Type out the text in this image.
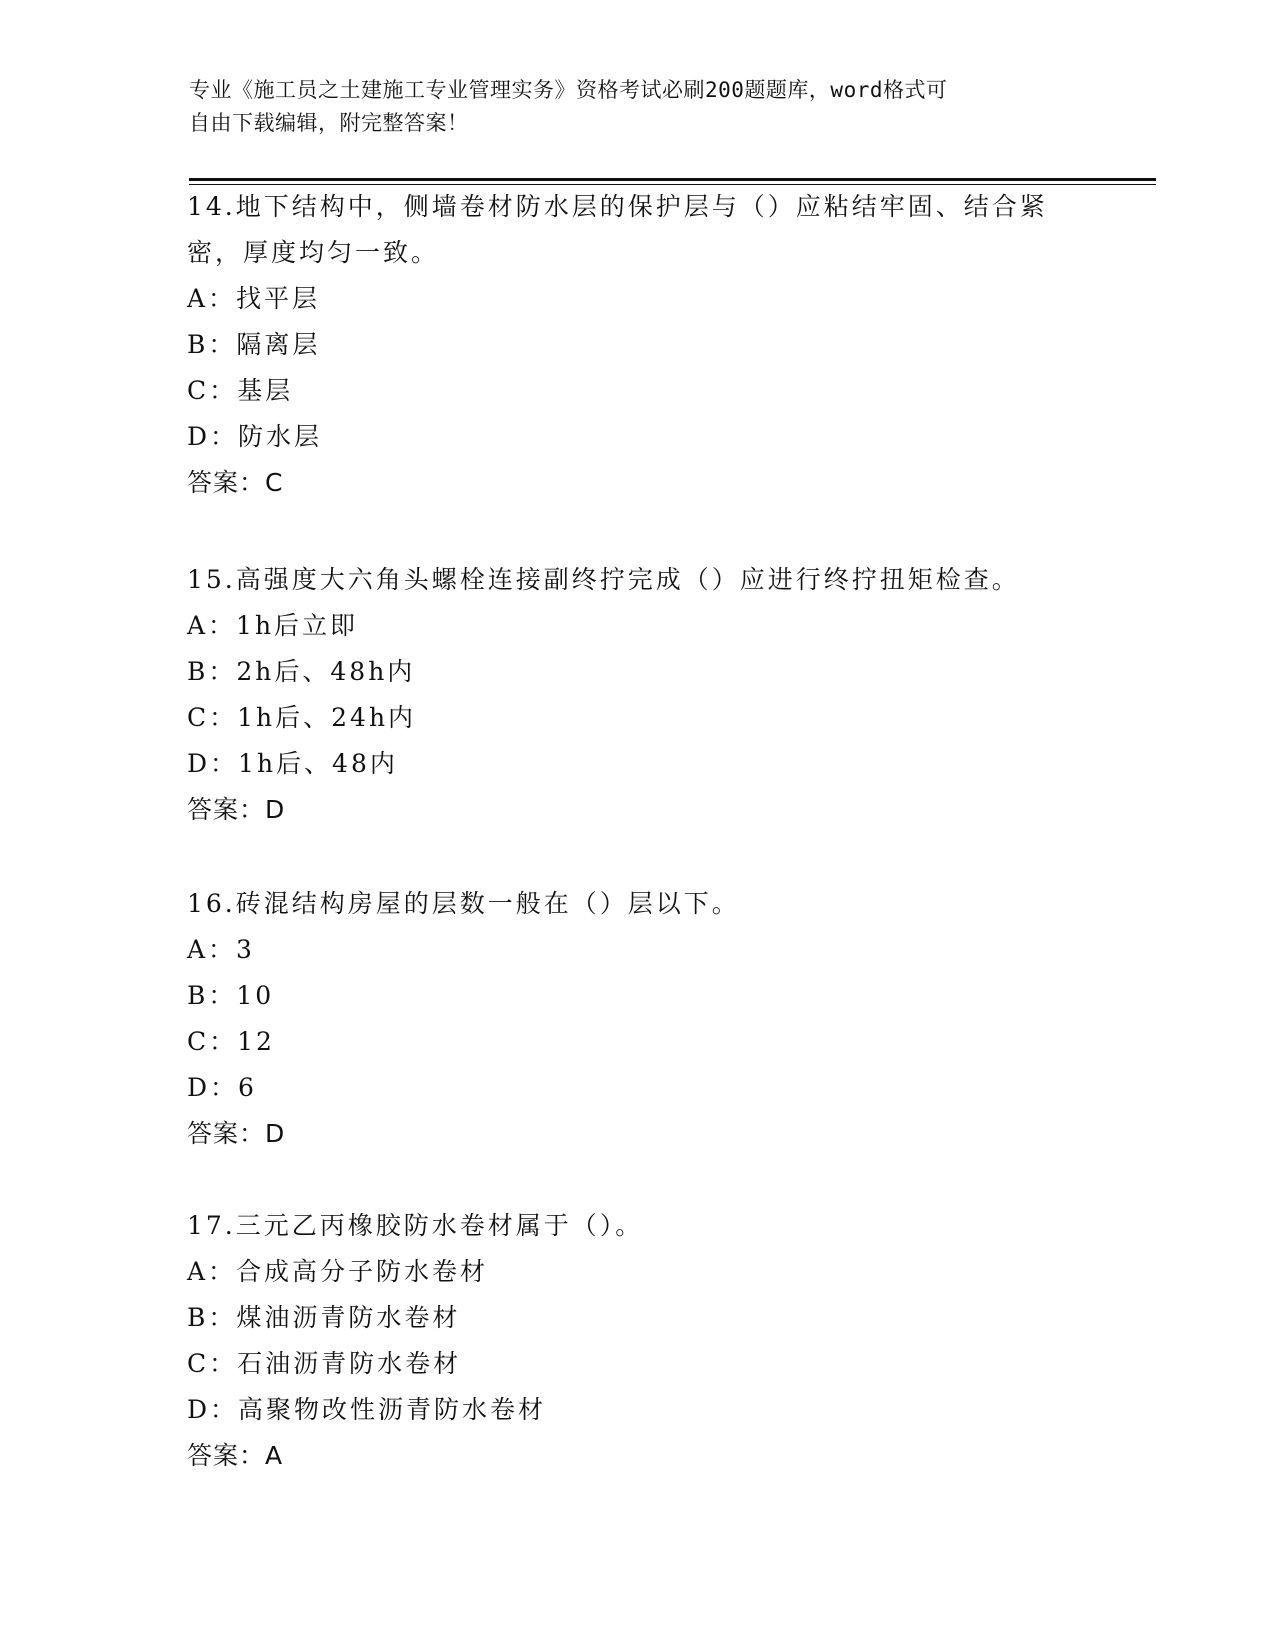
专业《施工员之土建施工专业管理实务》资格考试必刷200题题库，word格式可
自由下载编辑，附完整答案！
14.地下结构中，侧墙卷材防水层的保护层与（）应粘结牢固、结合紧
密，厚度均匀一致。
A：找平层
B：隔离层
C：基层
D：防水层
答案：C
15.高强度大六角头螺栓连接副终拧完成（）应进行终拧扭矩检查。
A：1h后立即
B：2h后、48h内
C：1h后、24h内
D：1h后、48内
答案：D
16.砖混结构房屋的层数一般在（）层以下。
A：3
B：10
C：12
D：6
答案：D
17.三元乙丙橡胶防水卷材属于（）。
A：合成高分子防水卷材
B：煤油沥青防水卷材
C：石油沥青防水卷材
D：高聚物改性沥青防水卷材
答案：A
